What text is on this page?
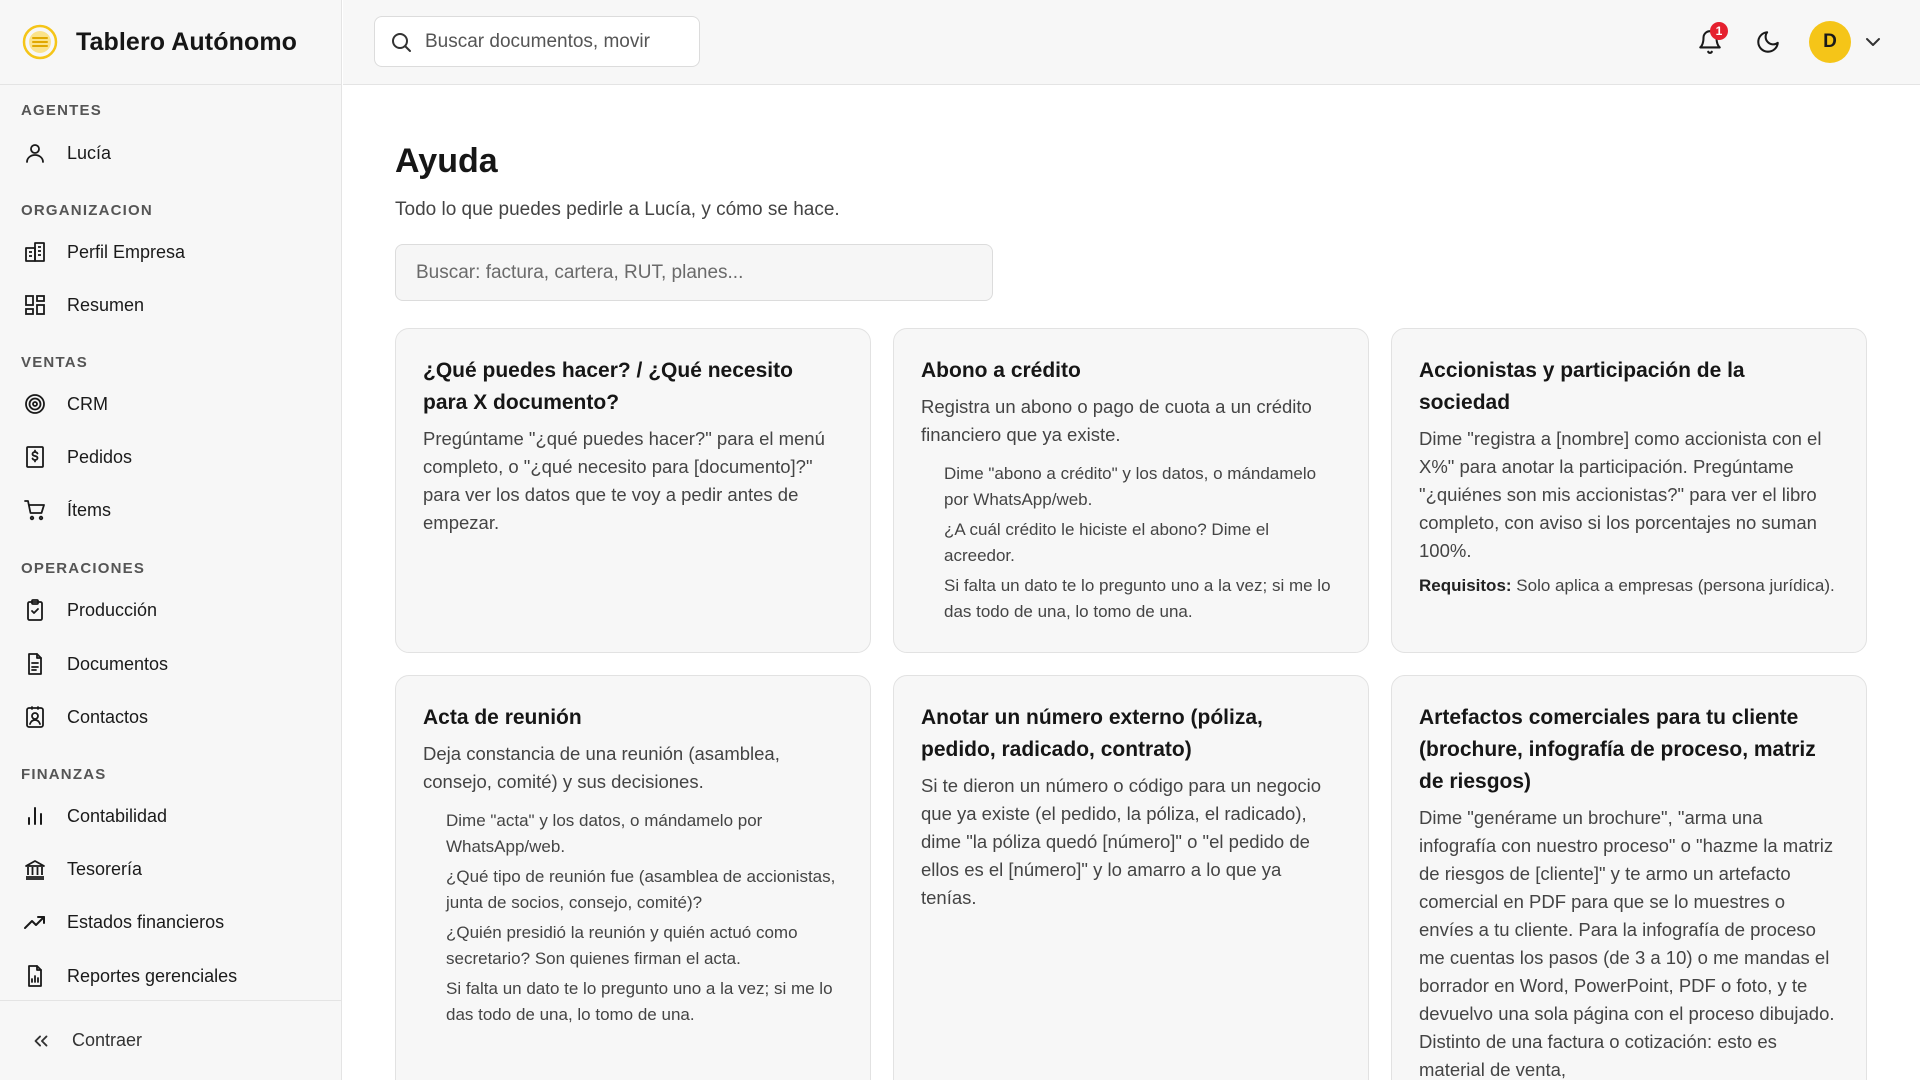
Tablero Autónomo
AGENTES
Lucía
ORGANIZACION
Perfil Empresa
Resumen
VENTAS
CRM
Pedidos
Ítems
OPERACIONES
Producción
Documentos
Contactos
FINANZAS
Contabilidad
Tesorería
Estados financieros
Reportes gerenciales
Contraer
Buscar documentos, movir
1	D
Ayuda

Todo lo que puedes pedirle a Lucía, y cómo se hace.

Buscar: factura, cartera, RUT, planes...
¿Qué puedes hacer? / ¿Qué necesito para X documento?

Pregúntame "¿qué puedes hacer?" para el menú completo, o "¿qué necesito para [documento]?" para ver los datos que te voy a pedir antes de empezar.

Abono a crédito

Registra un abono o pago de cuota a un crédito financiero que ya existe.

Dime "abono a crédito" y los datos, o mándamelo por WhatsApp/web.
¿A cuál crédito le hiciste el abono? Dime el acreedor.
Si falta un dato te lo pregunto uno a la vez; si me lo das todo de una, lo tomo de una.
Accionistas y participación de la sociedad

Dime "registra a [nombre] como accionista con el X%" para anotar la participación. Pregúntame "¿quiénes son mis accionistas?" para ver el libro completo, con aviso si los porcentajes no suman 100%.

Requisitos: Solo aplica a empresas (persona jurídica).

Acta de reunión

Deja constancia de una reunión (asamblea, consejo, comité) y sus decisiones.

Dime "acta" y los datos, o mándamelo por WhatsApp/web.
¿Qué tipo de reunión fue (asamblea de accionistas, junta de socios, consejo, comité)?
¿Quién presidió la reunión y quién actuó como secretario? Son quienes firman el acta.
Si falta un dato te lo pregunto uno a la vez; si me lo das todo de una, lo tomo de una.
Anotar un número externo (póliza, pedido, radicado, contrato)

Si te dieron un número o código para un negocio que ya existe (el pedido, la póliza, el radicado), dime "la póliza quedó [número]" o "el pedido de ellos es el [número]" y lo amarro a lo que ya tenías.

Artefactos comerciales para tu cliente (brochure, infografía de proceso, matriz de riesgos)

Dime "genérame un brochure", "arma una infografía con nuestro proceso" o "hazme la matriz de riesgos de [cliente]" y te armo un artefacto comercial en PDF para que se lo muestres o envíes a tu cliente. Para la infografía de proceso me cuentas los pasos (de 3 a 10) o me mandas el borrador en Word, PowerPoint, PDF o foto, y te devuelvo una sola página con el proceso dibujado. Distinto de una factura o cotización: esto es material de venta,
